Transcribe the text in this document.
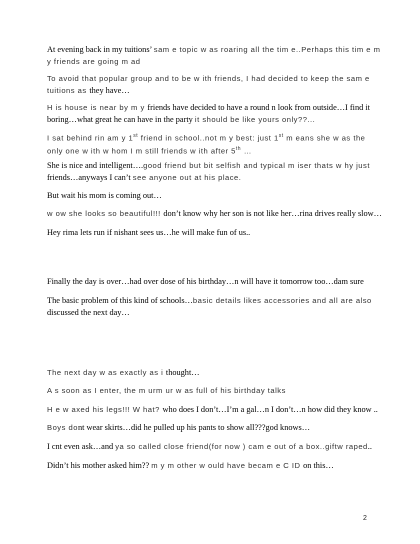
At evening back in my tuitions’ sam e topic w as roaring all the tim e..Perhaps this tim e m y friends are going m ad

To avoid that popular group and to be w ith friends, I had decided to keep the sam e tuitions as they have…

H is house is near by m y friends have decided to have a round n look from outside…I find it boring…what great he can have in the party it should be like yours only??...

I sat behind rin am y 1st friend in school..not m y best: just 1st m eans she w as the only one w ith w hom I m still friends w ith after 5th …

She is nice and intelligent….good friend but bit selfish and typical m iser thats w hy just friends…anyways I can’t see anyone out at his place.

But wait his mom is coming out…

w ow she looks so beautiful!!! don’t know why her son is not like her…rina drives really slow…

Hey rima lets run if nishant sees us…he will make fun of us..

Finally the day is over…had over dose of his birthday…n will have it tomorrow too…dam sure

The basic problem of this kind of schools…basic details likes accessories and all are also discussed the next day…

The next day w as exactly as i thought…

A s soon as I enter, the m urm ur w as full of his birthday talks

H e w axed his legs!!! W hat? who does I don’t…I’m a gal…n I don’t…n how did they know ..

Boys dont wear skirts…did he pulled up his pants to show all???god knows…

I cnt even ask…and ya so called close friend(for now ) cam e out of a box..giftw raped..

Didn’t his mother asked him?? m y m other w ould have becam e C ID on this…

2
